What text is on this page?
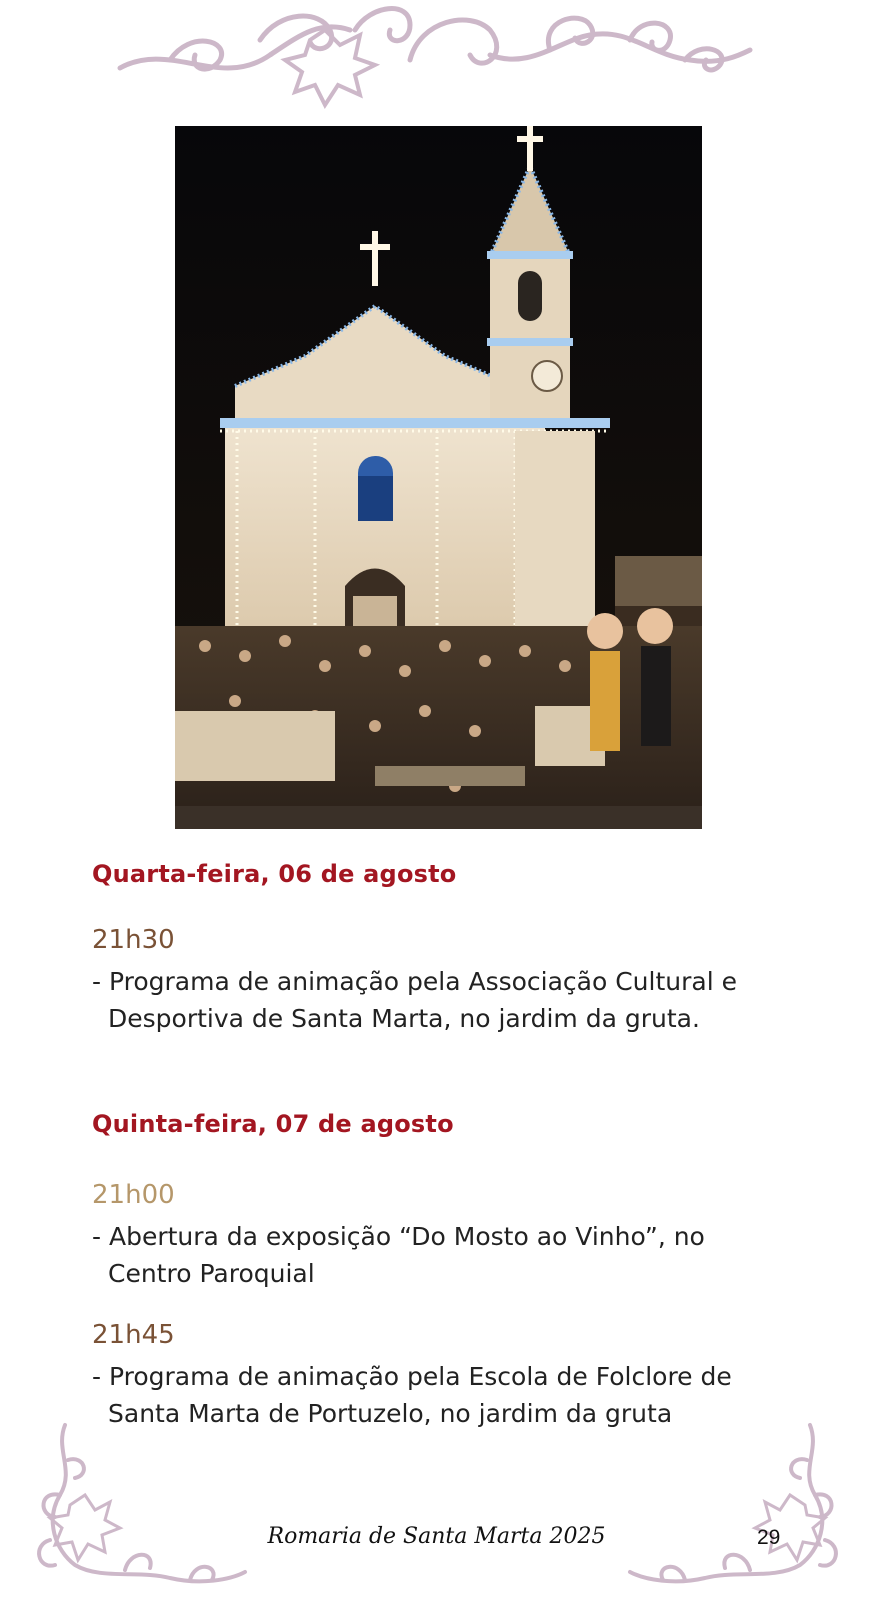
Quarta-feira, 06 de agosto
21h30
- Programa de animação pela Associação Cultural e
Desportiva de Santa Marta, no jardim da gruta.
Quinta-feira, 07 de agosto
21h00
- Abertura da exposição “Do Mosto ao Vinho”, no
Centro Paroquial
21h45
- Programa de animação pela Escola de Folclore de
Santa Marta de Portuzelo, no jardim da gruta
Romaria de Santa Marta 2025	29
